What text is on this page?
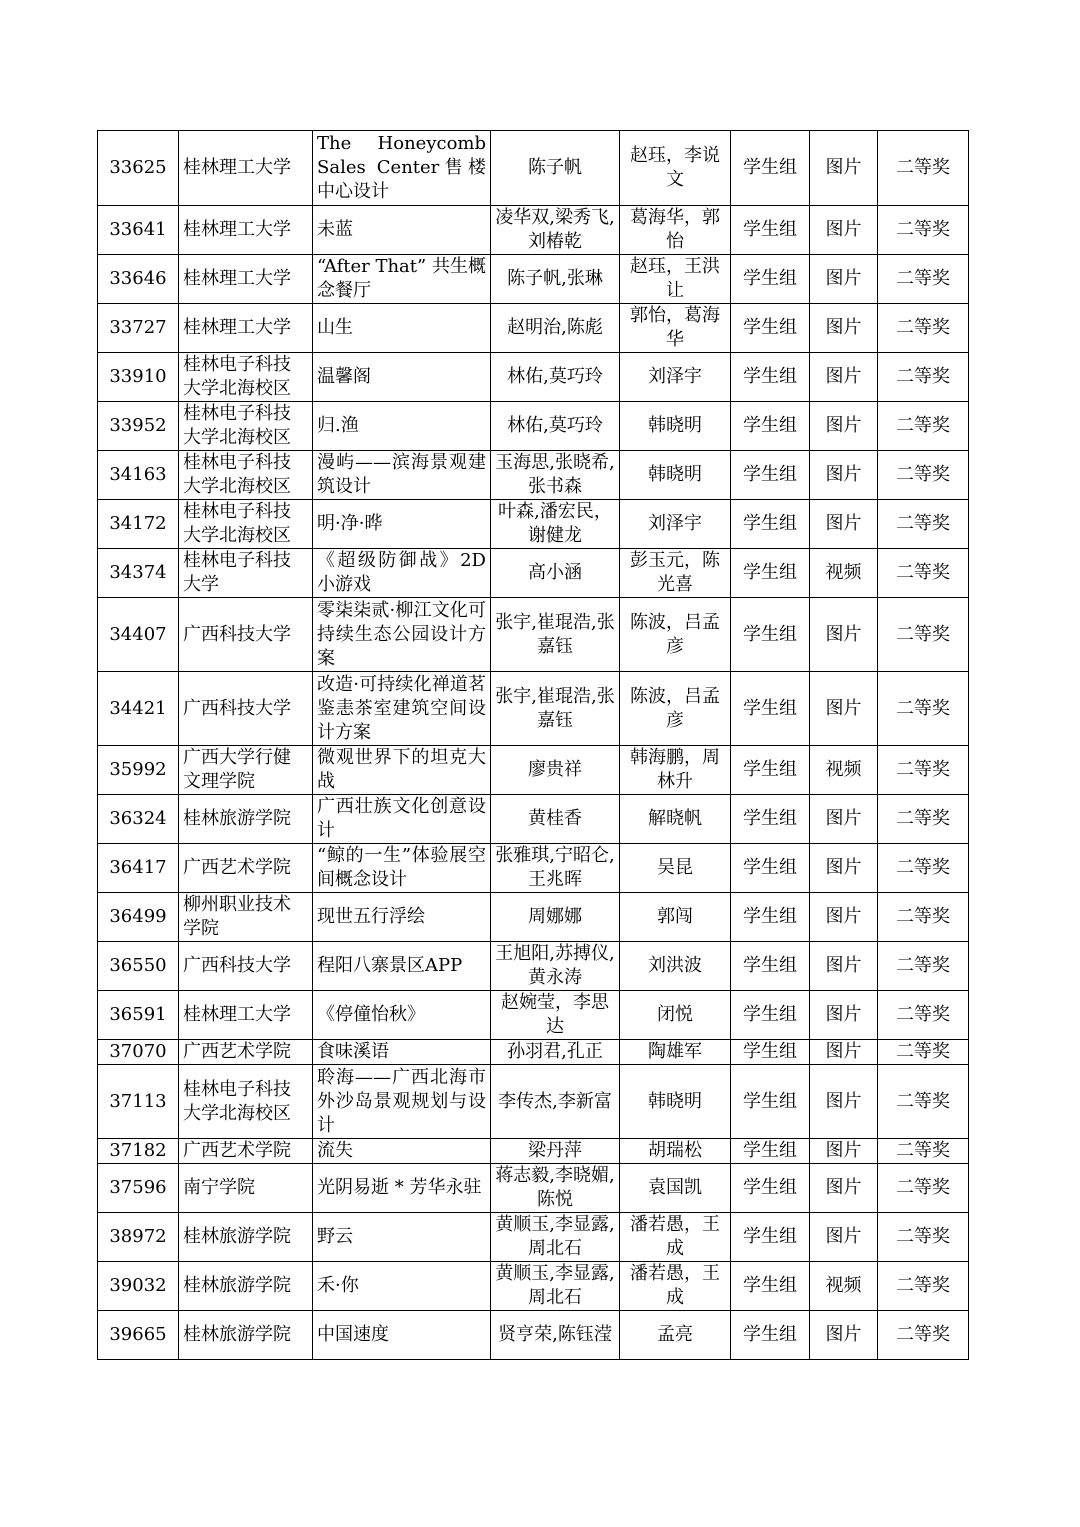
33625	桂林理工大学	The Honeycomb Sales Center售楼中心设计	陈子帆	赵珏，李说文	学生组	图片	二等奖
33641	桂林理工大学	未蓝	凌华双,梁秀飞,刘椿乾	葛海华，郭怡	学生组	图片	二等奖
33646	桂林理工大学	“After That” 共生概念餐厅	陈子帆,张琳	赵珏，王洪让	学生组	图片	二等奖
33727	桂林理工大学	山生	赵明治,陈彪	郭怡，葛海华	学生组	图片	二等奖
33910	桂林电子科技大学北海校区	温馨阁	林佑,莫巧玲	刘泽宇	学生组	图片	二等奖
33952	桂林电子科技大学北海校区	归.渔	林佑,莫巧玲	韩晓明	学生组	图片	二等奖
34163	桂林电子科技大学北海校区	漫屿——滨海景观建筑设计	玉海思,张晓希,张书森	韩晓明	学生组	图片	二等奖
34172	桂林电子科技大学北海校区	明·净·晔	叶森,潘宏民，谢健龙	刘泽宇	学生组	图片	二等奖
34374	桂林电子科技大学	《超级防御战》2D小游戏	高小涵	彭玉元，陈光喜	学生组	视频	二等奖
34407	广西科技大学	零柒柒贰·柳江文化可持续生态公园设计方案	张宇,崔琨浩,张嘉钰	陈波，吕孟彦	学生组	图片	二等奖
34421	广西科技大学	改造·可持续化禅道茗鉴恚茶室建筑空间设计方案	张宇,崔琨浩,张嘉钰	陈波，吕孟彦	学生组	图片	二等奖
35992	广西大学行健文理学院	微观世界下的坦克大战	廖贵祥	韩海鹏，周林升	学生组	视频	二等奖
36324	桂林旅游学院	广西壮族文化创意设计	黄桂香	解晓帆	学生组	图片	二等奖
36417	广西艺术学院	“鲸的一生”体验展空间概念设计	张雅琪,宁昭仑,王兆晖	吴昆	学生组	图片	二等奖
36499	柳州职业技术学院	现世五行浮绘	周娜娜	郭闯	学生组	图片	二等奖
36550	广西科技大学	程阳八寨景区APP	王旭阳,苏搏仪,黄永涛	刘洪波	学生组	图片	二等奖
36591	桂林理工大学	《停僮怡秋》	赵婉莹，李思达	闭悦	学生组	图片	二等奖
37070	广西艺术学院	食味溪语	孙羽君,孔正	陶雄军	学生组	图片	二等奖
37113	桂林电子科技大学北海校区	聆海——广西北海市外沙岛景观规划与设计	李传杰,李新富	韩晓明	学生组	图片	二等奖
37182	广西艺术学院	流失	梁丹萍	胡瑞松	学生组	图片	二等奖
37596	南宁学院	光阴易逝 * 芳华永驻	蒋志毅,李晓媚,陈悦	袁国凯	学生组	图片	二等奖
38972	桂林旅游学院	野云	黄顺玉,李显露,周北石	潘若愚，王成	学生组	图片	二等奖
39032	桂林旅游学院	禾·你	黄顺玉,李显露,周北石	潘若愚，王成	学生组	视频	二等奖
39665	桂林旅游学院	中国速度	贤亨荣,陈钰滢	孟亮	学生组	图片	二等奖
